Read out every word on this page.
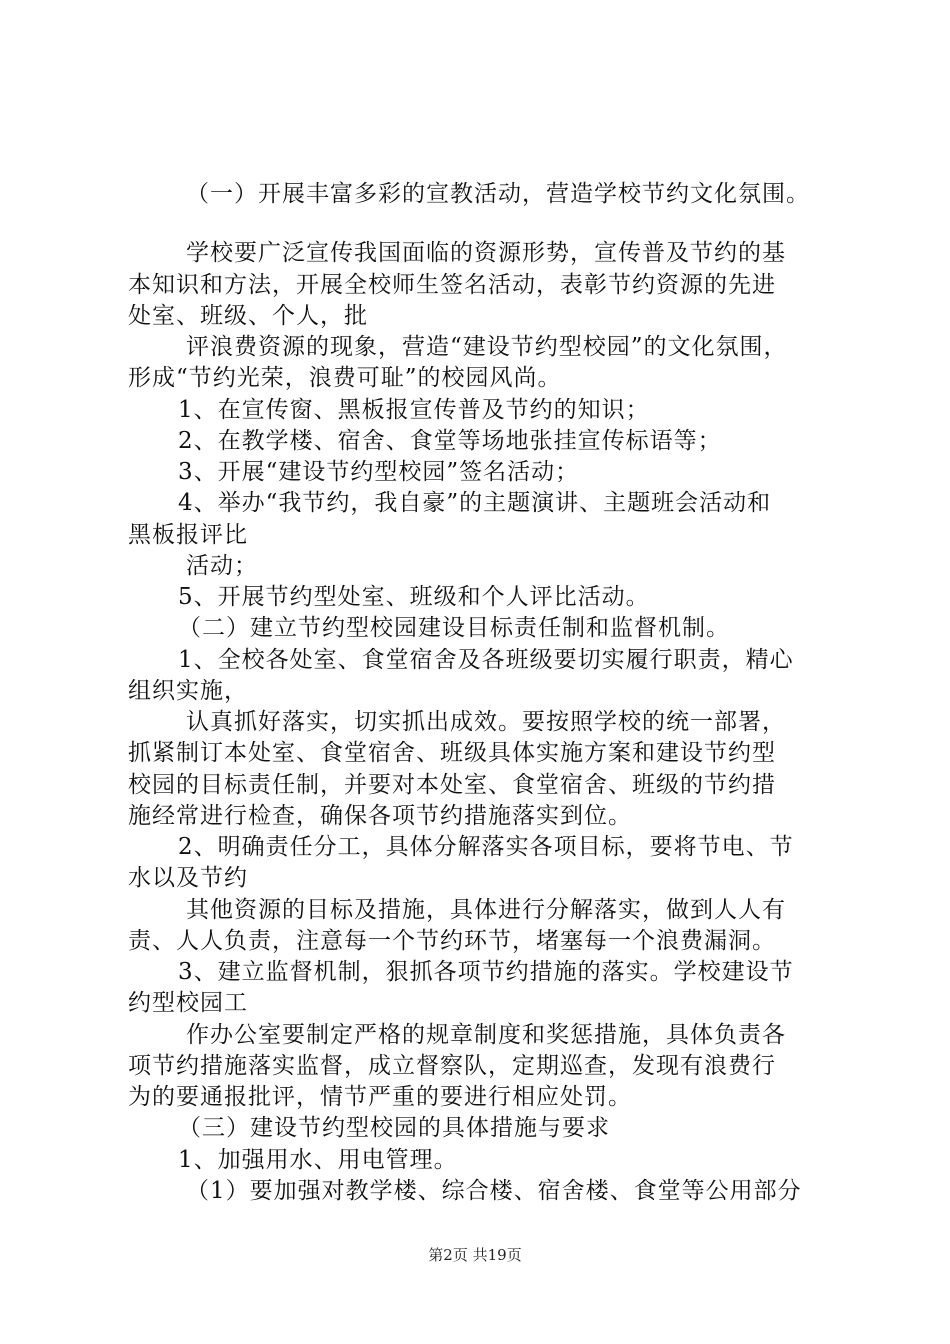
（一）开展丰富多彩的宣教活动，营造学校节约文化氛围。
学校要广泛宣传我国面临的资源形势，宣传普及节约的基
本知识和方法，开展全校师生签名活动，表彰节约资源的先进
处室、班级、个人，批
评浪费资源的现象，营造“建设节约型校园”的文化氛围，
形成“节约光荣，浪费可耻”的校园风尚。
1、在宣传窗、黑板报宣传普及节约的知识；
2、在教学楼、宿舍、食堂等场地张挂宣传标语等；
3、开展“建设节约型校园”签名活动；
4、举办“我节约，我自豪”的主题演讲、主题班会活动和
黑板报评比
活动；
5、开展节约型处室、班级和个人评比活动。
（二）建立节约型校园建设目标责任制和监督机制。
1、全校各处室、食堂宿舍及各班级要切实履行职责，精心
组织实施，
认真抓好落实，切实抓出成效。要按照学校的统一部署，
抓紧制订本处室、食堂宿舍、班级具体实施方案和建设节约型
校园的目标责任制，并要对本处室、食堂宿舍、班级的节约措
施经常进行检查，确保各项节约措施落实到位。
2、明确责任分工，具体分解落实各项目标，要将节电、节
水以及节约
其他资源的目标及措施，具体进行分解落实，做到人人有
责、人人负责，注意每一个节约环节，堵塞每一个浪费漏洞。
3、建立监督机制，狠抓各项节约措施的落实。学校建设节
约型校园工
作办公室要制定严格的规章制度和奖惩措施，具体负责各
项节约措施落实监督，成立督察队，定期巡查，发现有浪费行
为的要通报批评，情节严重的要进行相应处罚。
（三）建设节约型校园的具体措施与要求
1、加强用水、用电管理。
（1）要加强对教学楼、综合楼、宿舍楼、食堂等公用部分
第2页 共19页
